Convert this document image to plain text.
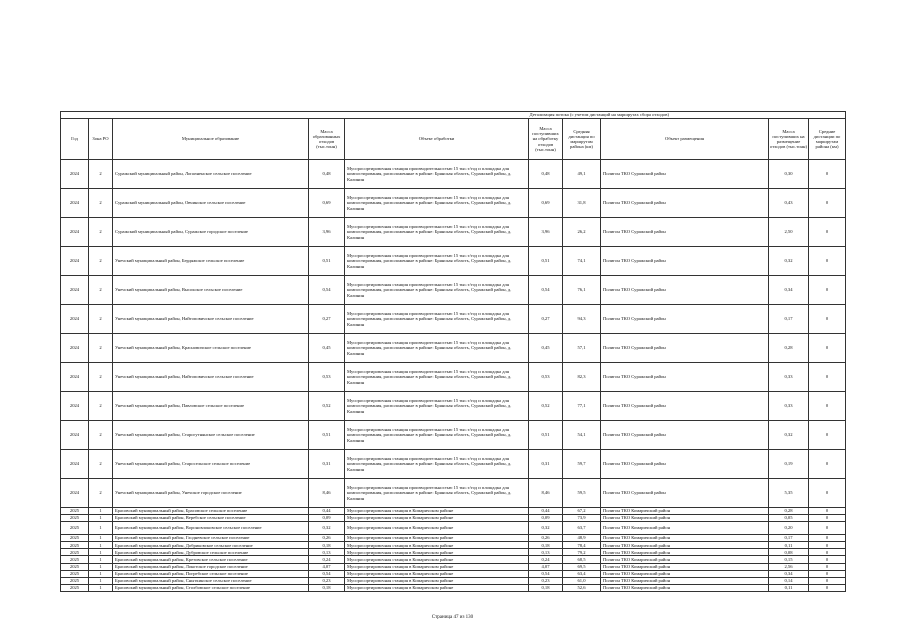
					Детализация потока (с учетом дистанций на маршрутах сбора отходов)				
Год	Зона РО	Муниципальное образование	Масса образованных отходов (тыс.тонн)	Объект обработки	Масса поступивших на обработку отходов (тыс.тонн)	Средняя дистанция по маршрутам района (км)	Объект размещения	Масса поступивших на размещение отходов (тыс.тонн)	Средние дистанции по маршрутам района (км)
2024	2	Суражский муниципальный район, Лопазненское сельское поселение	0,48	Мусоросортировочная станция производительностью 15 тыс.т/год и площадка для компостирования, расположенные в районе: Брянская область, Суражский район, д. Калинин	0,48	49,1	Полигон ТКО Суражский район	0,30	0
2024	2	Суражский муниципальный район, Овчинское сельское поселение	0,69	Мусоросортировочная станция производительностью 15 тыс.т/год и площадка для компостирования, расположенные в районе: Брянская область, Суражский район, д. Калинин	0,69	31,8	Полигон ТКО Суражский район	0,43	0
2024	2	Суражский муниципальный район, Суражское городское поселение	3,96	Мусоросортировочная станция производительностью 15 тыс.т/год и площадка для компостирования, расположенные в районе: Брянская область, Суражский район, д. Калинин	3,96	26,2	Полигон ТКО Суражский район	2,50	0
2024	2	Унечский муниципальный район, Бердяжское сельское поселение	0,51	Мусоросортировочная станция производительностью 15 тыс.т/год и площадка для компостирования, расположенные в районе: Брянская область, Суражский район, д. Калинин	0,51	74,1	Полигон ТКО Суражский район	0,32	0
2024	2	Унечский муниципальный район, Высокское сельское поселение	0,54	Мусоросортировочная станция производительностью 15 тыс.т/год и площадка для компостирования, расположенные в районе: Брянская область, Суражский район, д. Калинин	0,54	76,1	Полигон ТКО Суражский район	0,34	0
2024	2	Унечский муниципальный район, Найтоповичское сельское поселение	0,27	Мусоросортировочная станция производительностью 15 тыс.т/год и площадка для компостирования, расположенные в районе: Брянская область, Суражский район, д. Калинин	0,27	94,3	Полигон ТКО Суражский район	0,17	0
2024	2	Унечский муниципальный район, Красновичское сельское поселение	0,45	Мусоросортировочная станция производительностью 15 тыс.т/год и площадка для компостирования, расположенные в районе: Брянская область, Суражский район, д. Калинин	0,45	57,1	Полигон ТКО Суражский район	0,28	0
2024	2	Унечский муниципальный район, Найтоповичское сельское поселение	0,53	Мусоросортировочная станция производительностью 15 тыс.т/год и площадка для компостирования, расположенные в районе: Брянская область, Суражский район, д. Калинин	0,53	82,3	Полигон ТКО Суражский район	0,33	0
2024	2	Унечский муниципальный район, Павловское сельское поселение	0,52	Мусоросортировочная станция производительностью 15 тыс.т/год и площадка для компостирования, расположенные в районе: Брянская область, Суражский район, д. Калинин	0,52	77,1	Полигон ТКО Суражский район	0,33	0
2024	2	Унечский муниципальный район, Старогутнянское сельское поселение	0,51	Мусоросортировочная станция производительностью 15 тыс.т/год и площадка для компостирования, расположенные в районе: Брянская область, Суражский район, д. Калинин	0,51	54,1	Полигон ТКО Суражский район	0,32	0
2024	2	Унечский муниципальный район, Старосельское сельское поселение	0,31	Мусоросортировочная станция производительностью 15 тыс.т/год и площадка для компостирования, расположенные в районе: Брянская область, Суражский район, д. Калинин	0,31	59,7	Полигон ТКО Суражский район	0,19	0
2024	2	Унечский муниципальный район, Унечское городское поселение	8,46	Мусоросортировочная станция производительностью 15 тыс.т/год и площадка для компостирования, расположенные в районе: Брянская область, Суражский район, д. Калинин	8,46	59,5	Полигон ТКО Суражский район	5,35	0
2025	1	Брасовский муниципальный район, Брасовское сельское поселение	0,44	Мусоросортировочная станция в Комаричском районе	0,44	67,2	Полигон ТКО Комаричский район	0,28	0
2025	1	Брасовский муниципальный район, Веребское сельское поселение	0,09	Мусоросортировочная станция в Комаричском районе	0,09	73,9	Полигон ТКО Комаричский район	0,05	0
2025	1	Брасовский муниципальный район, Вороновлоковское сельское поселение	0,32	Мусоросортировочная станция в Комаричском районе	0,32	63,7	Полигон ТКО Комаричский район	0,20	0
2025	1	Брасовский муниципальный район, Глодневское сельское поселение	0,26	Мусоросортировочная станция в Комаричском районе	0,26	48,9	Полигон ТКО Комаричский район	0,17	0
2025	1	Брасовский муниципальный район, Добриковское сельское поселение	0,18	Мусоросортировочная станция в Комаричском районе	0,18	78,4	Полигон ТКО Комаричский район	0,11	0
2025	1	Брасовский муниципальный район, Дубровское сельское поселение	0,13	Мусоросортировочная станция в Комаричском районе	0,13	79,2	Полигон ТКО Комаричский район	0,08	0
2025	1	Брасовский муниципальный район, Кретовское сельское поселение	0,24	Мусоросортировочная станция в Комаричском районе	0,24	68,5	Полигон ТКО Комаричский район	0,15	0
2025	1	Брасовский муниципальный район, Локотское городское поселение	4,07	Мусоросортировочная станция в Комаричском районе	4,07	69,5	Полигон ТКО Комаричский район	2,56	0
2025	1	Брасовский муниципальный район, Погребское сельское поселение	0,54	Мусоросортировочная станция в Комаричском районе	0,54	63,4	Полигон ТКО Комаричский район	0,34	0
2025	1	Брасовский муниципальный район, Сныткинское сельское поселение	0,23	Мусоросортировочная станция в Комаричском районе	0,23	61,0	Полигон ТКО Комаричский район	0,14	0
2025	1	Брасовский муниципальный район, Столбовское сельское поселение	0,18	Мусоросортировочная станция в Комаричском районе	0,18	52,6	Полигон ТКО Комаричский район	0,11	0
Страница 47 из 130
